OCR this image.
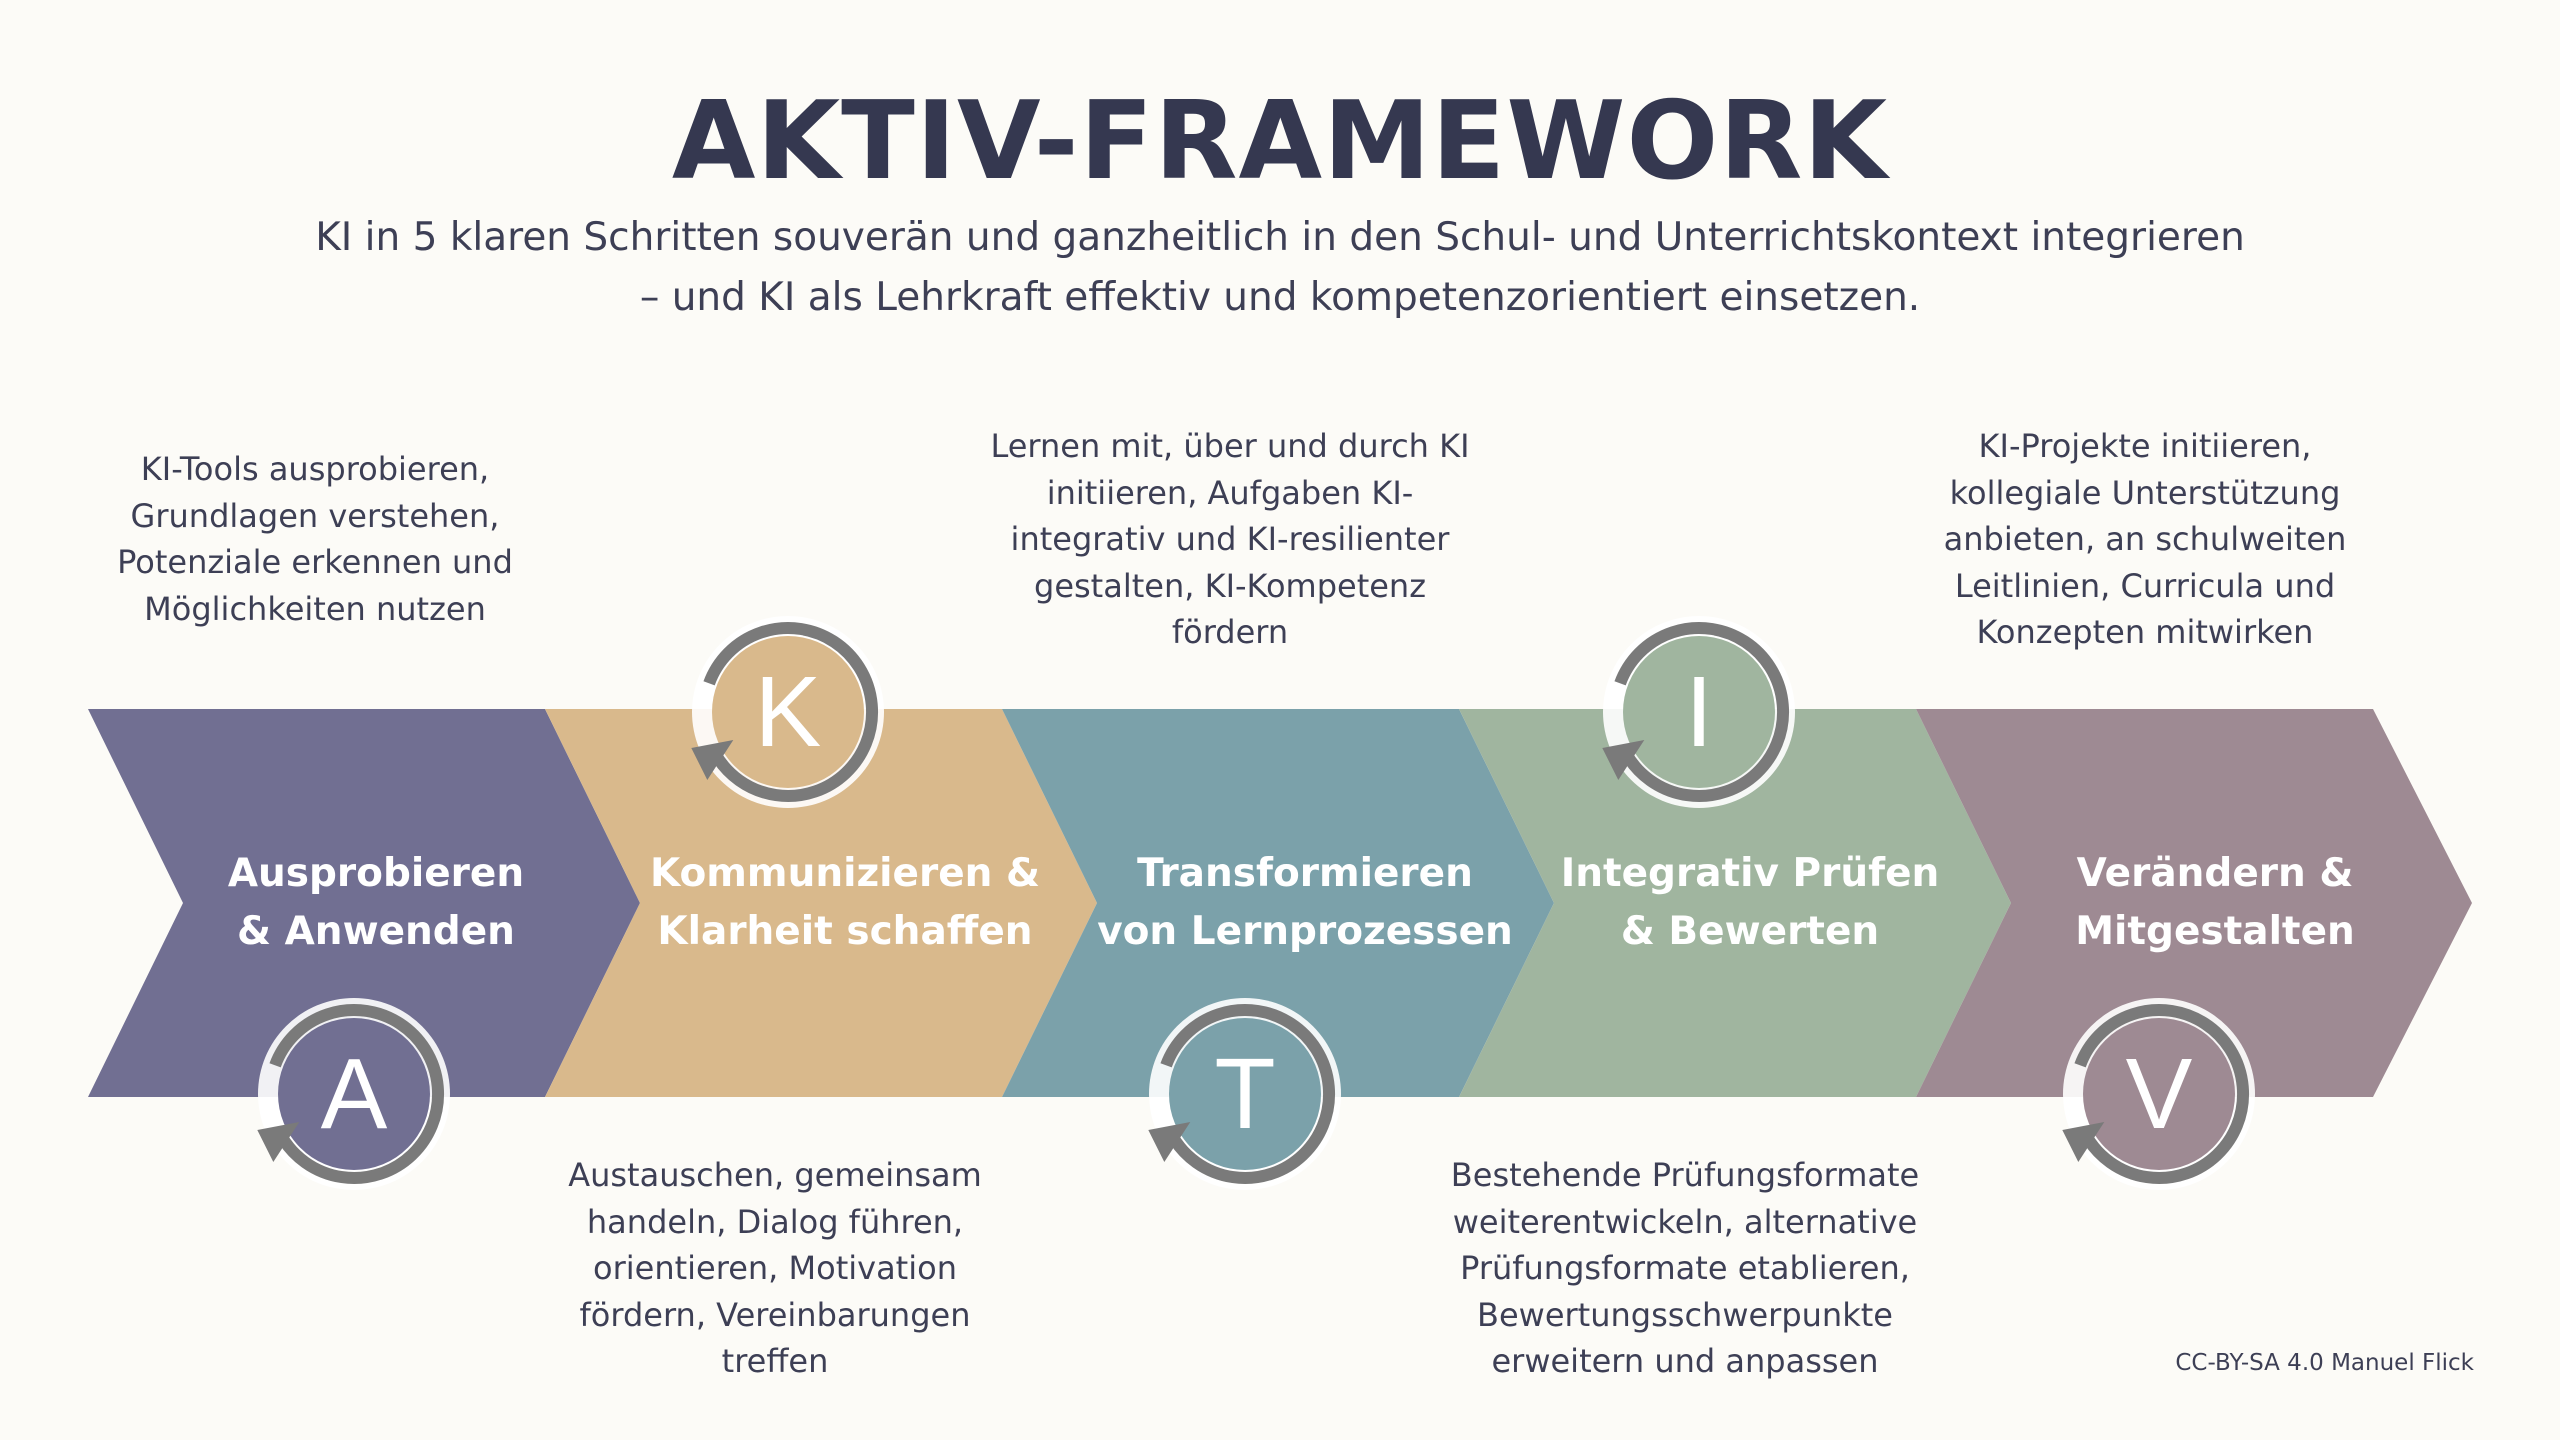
AKTIV-FRAMEWORK
KI in 5 klaren Schritten souverän und ganzheitlich in den Schul- und Unterrichtskontext integrieren
– und KI als Lehrkraft effektiv und kompetenzorientiert einsetzen.
Ausprobieren
& Anwenden
Kommunizieren &
Klarheit schaffen
Transformieren
von Lernprozessen
Integrativ Prüfen
& Bewerten
Verändern &
Mitgestalten
A
K
T
I
V
KI-Tools ausprobieren,
Grundlagen verstehen,
Potenziale erkennen und
Möglichkeiten nutzen
Austauschen, gemeinsam
handeln, Dialog führen,
orientieren, Motivation
fördern, Vereinbarungen
treffen
Lernen mit, über und durch KI
initiieren, Aufgaben KI-
integrativ und KI-resilienter
gestalten, KI-Kompetenz
fördern
Bestehende Prüfungsformate
weiterentwickeln, alternative
Prüfungsformate etablieren,
Bewertungsschwerpunkte
erweitern und anpassen
KI-Projekte initiieren,
kollegiale Unterstützung
anbieten, an schulweiten
Leitlinien, Curricula und
Konzepten mitwirken
CC-BY-SA 4.0 Manuel Flick
